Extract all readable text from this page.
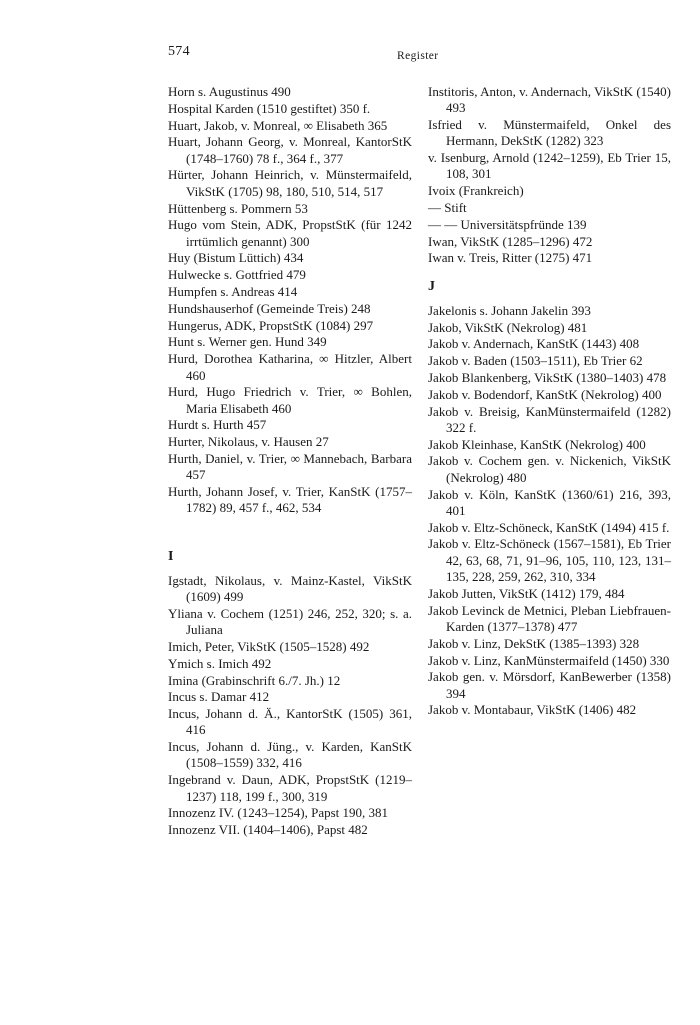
574	Register

Horn s. Augustinus 490

Hospital Karden (1510 gestiftet) 350 f.

Huart, Jakob, v. Monreal, ∞ Elisabeth 365

Huart, Johann Georg, v. Monreal, KantorStK (1748–1760) 78 f., 364 f., 377

Hürter, Johann Heinrich, v. Münstermaifeld, VikStK (1705) 98, 180, 510, 514, 517

Hüttenberg s. Pommern 53

Hugo vom Stein, ADK, PropstStK (für 1242 irrtümlich genannt) 300

Huy (Bistum Lüttich) 434

Hulwecke s. Gottfried 479

Humpfen s. Andreas 414

Hundshauserhof (Gemeinde Treis) 248

Hungerus, ADK, PropstStK (1084) 297

Hunt s. Werner gen. Hund 349

Hurd, Dorothea Katharina, ∞ Hitzler, Albert 460

Hurd, Hugo Friedrich v. Trier, ∞ Bohlen, Maria Elisabeth 460

Hurdt s. Hurth 457

Hurter, Nikolaus, v. Hausen 27

Hurth, Daniel, v. Trier, ∞ Mannebach, Barbara 457

Hurth, Johann Josef, v. Trier, KanStK (1757–1782) 89, 457 f., 462, 534

I

Igstadt, Nikolaus, v. Mainz-Kastel, VikStK (1609) 499

Yliana v. Cochem (1251) 246, 252, 320; s. a. Juliana

Imich, Peter, VikStK (1505–1528) 492

Ymich s. Imich 492

Imina (Grabinschrift 6./7. Jh.) 12

Incus s. Damar 412

Incus, Johann d. Ä., KantorStK (1505) 361, 416

Incus, Johann d. Jüng., v. Karden, KanStK (1508–1559) 332, 416

Ingebrand v. Daun, ADK, PropstStK (1219–1237) 118, 199 f., 300, 319

Innozenz IV. (1243–1254), Papst 190, 381

Innozenz VII. (1404–1406), Papst 482

Institoris, Anton, v. Andernach, VikStK (1540) 493

Isfried v. Münstermaifeld, Onkel des Hermann, DekStK (1282) 323

v. Isenburg, Arnold (1242–1259), Eb Trier 15, 108, 301

Ivoix (Frankreich)

— Stift

— — Universitätspfründe 139

Iwan, VikStK (1285–1296) 472

Iwan v. Treis, Ritter (1275) 471

J

Jakelonis s. Johann Jakelin 393

Jakob, VikStK (Nekrolog) 481

Jakob v. Andernach, KanStK (1443) 408

Jakob v. Baden (1503–1511), Eb Trier 62

Jakob Blankenberg, VikStK (1380–1403) 478

Jakob v. Bodendorf, KanStK (Nekrolog) 400

Jakob v. Breisig, KanMünstermaifeld (1282) 322 f.

Jakob Kleinhase, KanStK (Nekrolog) 400

Jakob v. Cochem gen. v. Nickenich, VikStK (Nekrolog) 480

Jakob v. Köln, KanStK (1360/61) 216, 393, 401

Jakob v. Eltz-Schöneck, KanStK (1494) 415 f.

Jakob v. Eltz-Schöneck (1567–1581), Eb Trier 42, 63, 68, 71, 91–96, 105, 110, 123, 131–135, 228, 259, 262, 310, 334

Jakob Jutten, VikStK (1412) 179, 484

Jakob Levinck de Metnici, Pleban Liebfrauen-Karden (1377–1378) 477

Jakob v. Linz, DekStK (1385–1393) 328

Jakob v. Linz, KanMünstermaifeld (1450) 330

Jakob gen. v. Mörsdorf, KanBewerber (1358) 394

Jakob v. Montabaur, VikStK (1406) 482
